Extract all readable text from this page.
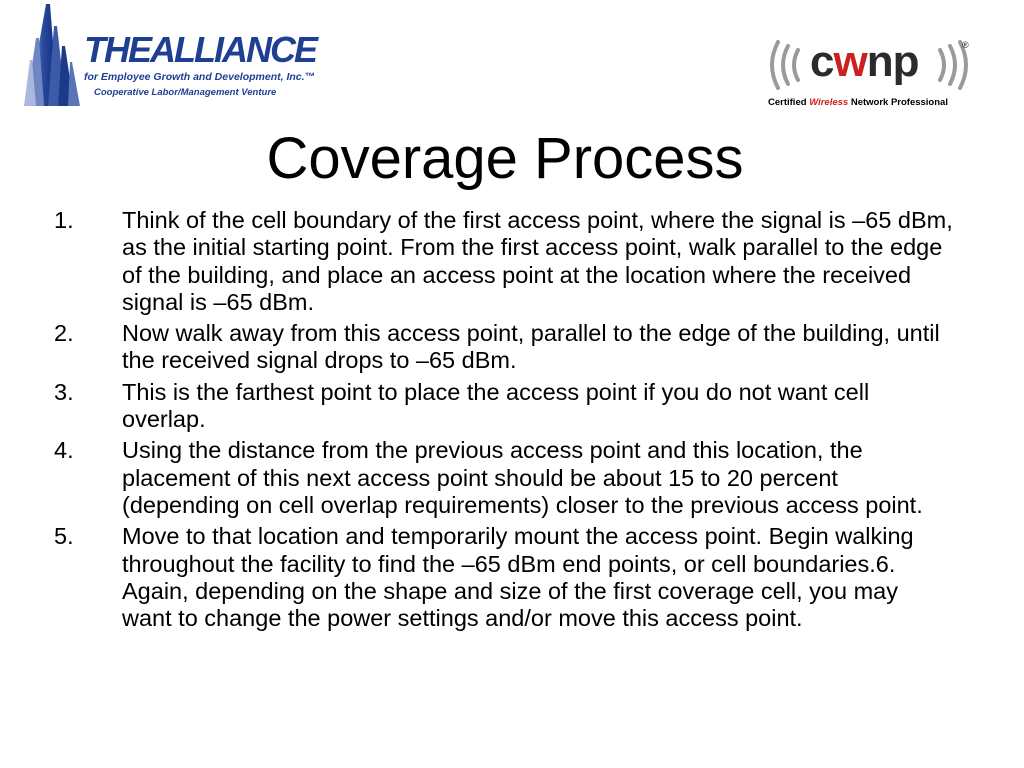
THEALLIANCE
for Employee Growth and Development, Inc.™
Cooperative Labor/Management Venture
cwnp	®
Certified Wireless Network Professional
Coverage Process
1. Think of the cell boundary of the first access point, where the signal is –65 dBm, as the initial starting point. From the first access point, walk parallel to the edge of the building, and place an access point at the location where the received signal is –65 dBm.
2. Now walk away from this access point, parallel to the edge of the building, until the received signal drops to –65 dBm.
3. This is the farthest point to place the access point if you do not want cell overlap.
4. Using the distance from the previous access point and this location, the placement of this next access point should be about 15 to 20 percent (depending on cell overlap requirements) closer to the previous access point.
5. Move to that location and temporarily mount the access point. Begin walking throughout the facility to find the –65 dBm end points, or cell boundaries.6. Again, depending on the shape and size of the first coverage cell, you may want to change the power settings and/or move this access point.
